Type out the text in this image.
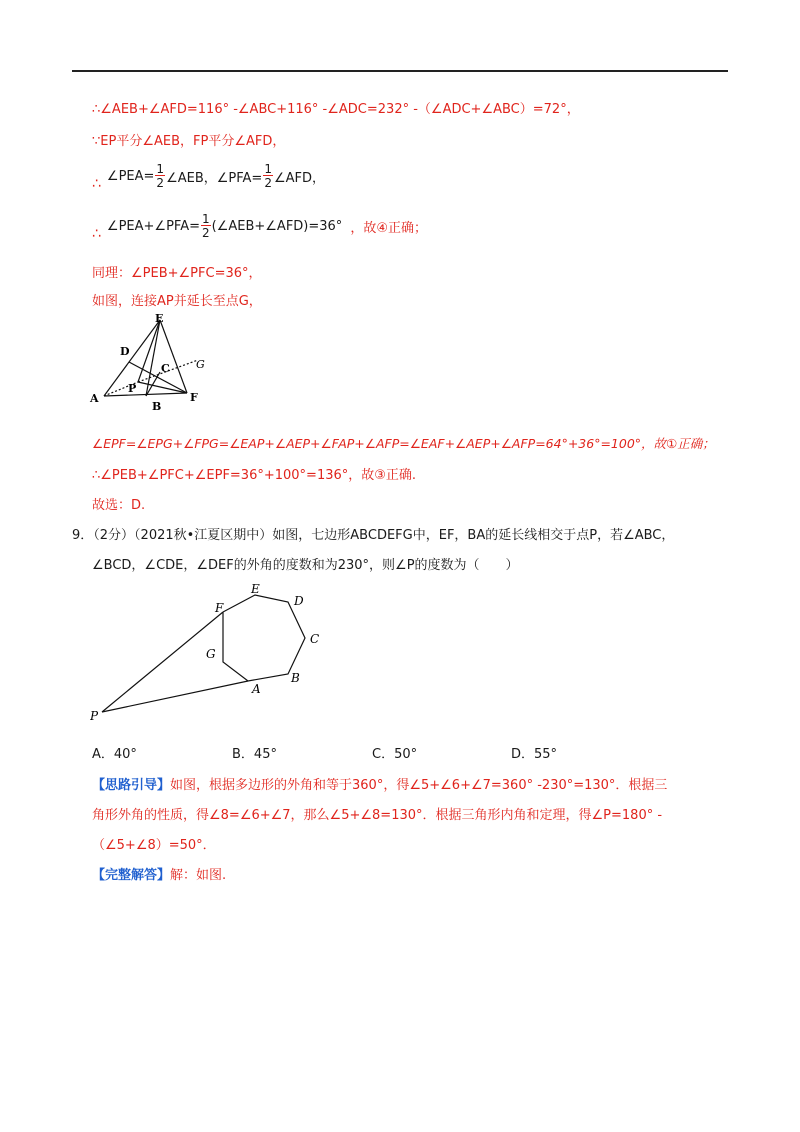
∴∠AEB+∠AFD=116° -∠ABC+116° -∠ADC=232° -（∠ADC+∠ABC）=72°，
∵EP平分∠AEB，FP平分∠AFD，
∴ ∠PEA= $\frac{1}{2}$ ∠AEB，∠PFA= $\frac{1}{2}$ ∠AFD，
∴ ∠PEA+∠PFA= $\frac{1}{2}$ (∠AEB+∠AFD)=36° ，故④正确；
同理：∠PEB+∠PFC=36°，
如图，连接AP并延长至点G，
E
D
C G
P
A
B
F
∠EPF=∠EPG+∠FPG=∠EAP+∠AEP+∠FAP+∠AFP=∠EAF+∠AEP+∠AFP=64°+36°=100°，故①正确；
∴∠PEB+∠PFC+∠EPF=36°+100°=136°，故③正确.
故选：D.
9．（2分）（2021秋•江夏区期中）如图，七边形ABCDEFG中，EF，BA的延长线相交于点P，若∠ABC，
∠BCD，∠CDE，∠DEF的外角的度数和为230°，则∠P的度数为（　　）
E
D
F
C
G
A
B
P
A．40°	B．45°	C．50°	D．55°
【思路引导】如图，根据多边形的外角和等于360°，得∠5+∠6+∠7=360° -230°=130°．根据三
角形外角的性质，得∠8=∠6+∠7，那么∠5+∠8=130°．根据三角形内角和定理，得∠P=180° -
（∠5+∠8）=50°．
【完整解答】解：如图.
